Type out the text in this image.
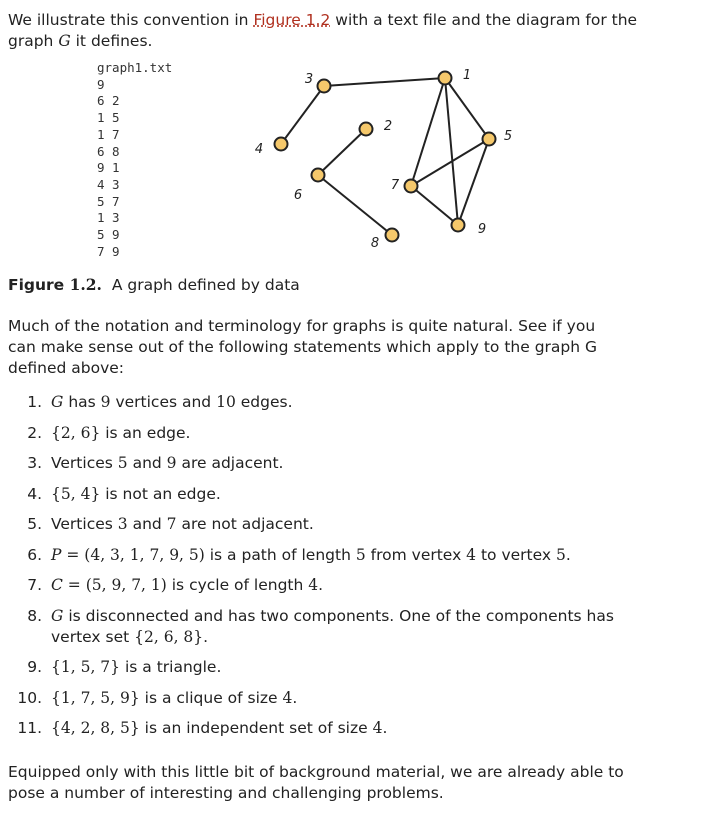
We illustrate this convention in Figure 1.2 with a text file and the diagram for the graph G it defines.

graph1.txt
9
6 2
1 5
1 7
6 8
9 1
4 3
5 7
1 3
5 9
7 9
1
2
3
4
5
6
7
8
9
Figure 1.2. A graph defined by data

Much of the notation and terminology for graphs is quite natural. See if you can make sense out of the following statements which apply to the graph G defined above:

1. G has 9 vertices and 10 edges.
2. {2, 6} is an edge.
3. Vertices 5 and 9 are adjacent.
4. {5, 4} is not an edge.
5. Vertices 3 and 7 are not adjacent.
6. P = (4, 3, 1, 7, 9, 5) is a path of length 5 from vertex 4 to vertex 5.
7. C = (5, 9, 7, 1) is cycle of length 4.
8. G is disconnected and has two components. One of the components has vertex set {2, 6, 8}.
9. {1, 5, 7} is a triangle.
10. {1, 7, 5, 9} is a clique of size 4.
11. {4, 2, 8, 5} is an independent set of size 4.

Equipped only with this little bit of background material, we are already able to pose a number of interesting and challenging problems.
